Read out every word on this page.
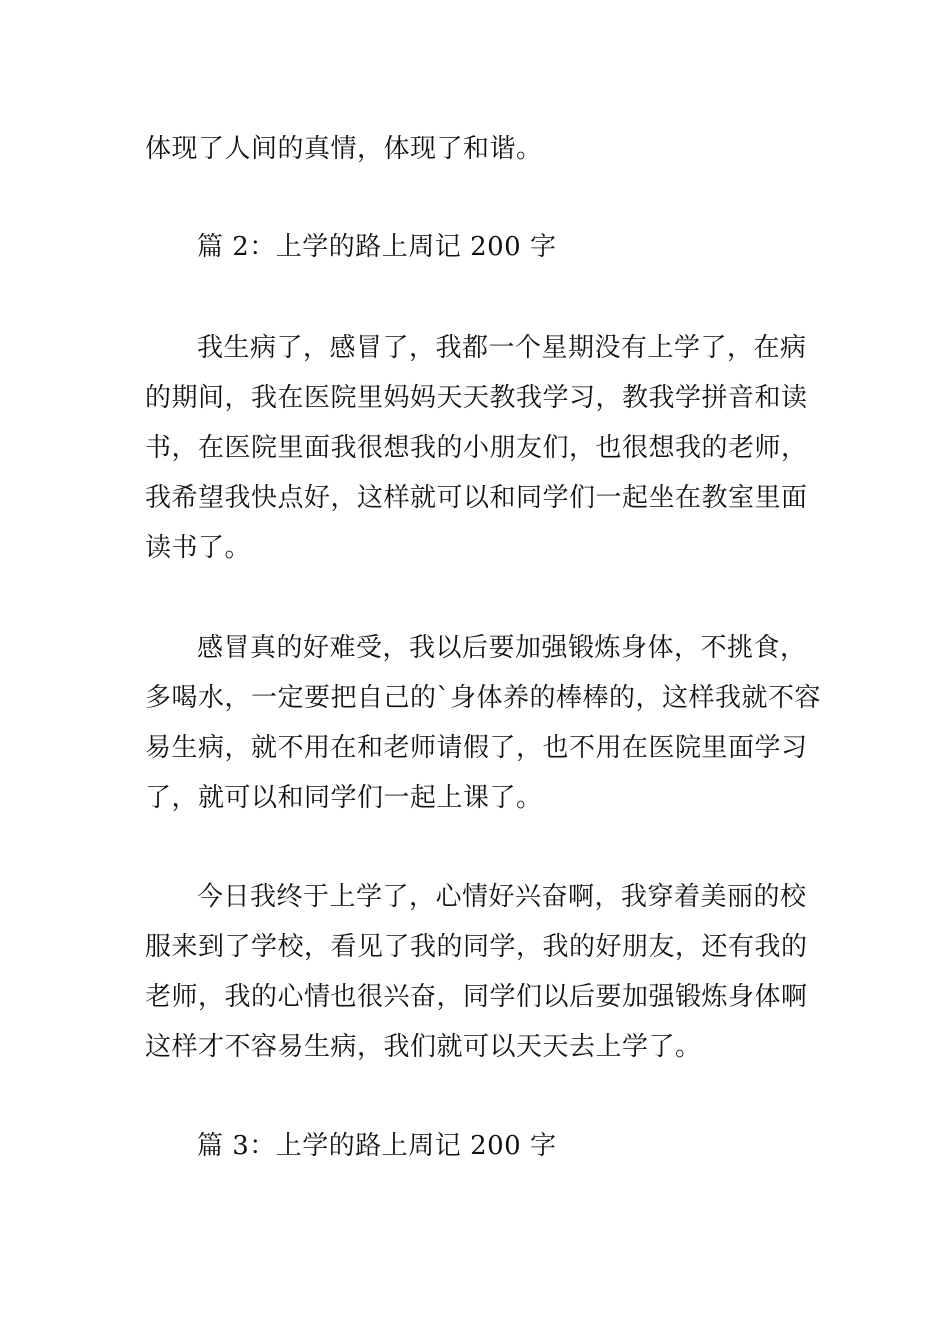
体现了人间的真情，体现了和谐。
篇 2：上学的路上周记 200 字
我生病了，感冒了，我都一个星期没有上学了，在病
的期间，我在医院里妈妈天天教我学习，教我学拼音和读
书，在医院里面我很想我的小朋友们，也很想我的老师，
我希望我快点好，这样就可以和同学们一起坐在教室里面
读书了。
感冒真的好难受，我以后要加强锻炼身体，不挑食，
多喝水，一定要把自己的`身体养的棒棒的，这样我就不容
易生病，就不用在和老师请假了，也不用在医院里面学习
了，就可以和同学们一起上课了。
今日我终于上学了，心情好兴奋啊，我穿着美丽的校
服来到了学校，看见了我的同学，我的好朋友，还有我的
老师，我的心情也很兴奋，同学们以后要加强锻炼身体啊
这样才不容易生病，我们就可以天天去上学了。
篇 3：上学的路上周记 200 字
